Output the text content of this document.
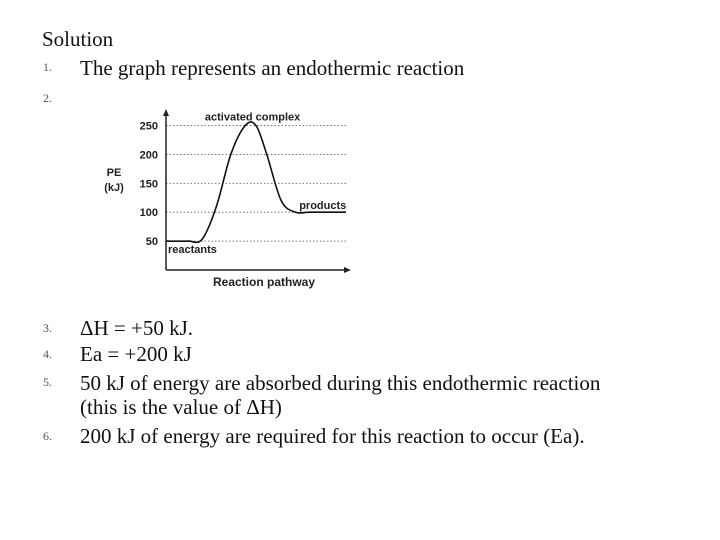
Solution
1. The graph represents an endothermic reaction
2.
50
100
150
200
250
PE
(kJ)
Reaction pathway
activated complex
products
reactants
3. ΔH = +50 kJ.
4. Ea = +200 kJ
5. 50 kJ of energy are absorbed during this endothermic reaction
(this is the value of ΔH)
6. 200 kJ of energy are required for this reaction to occur (Ea).
